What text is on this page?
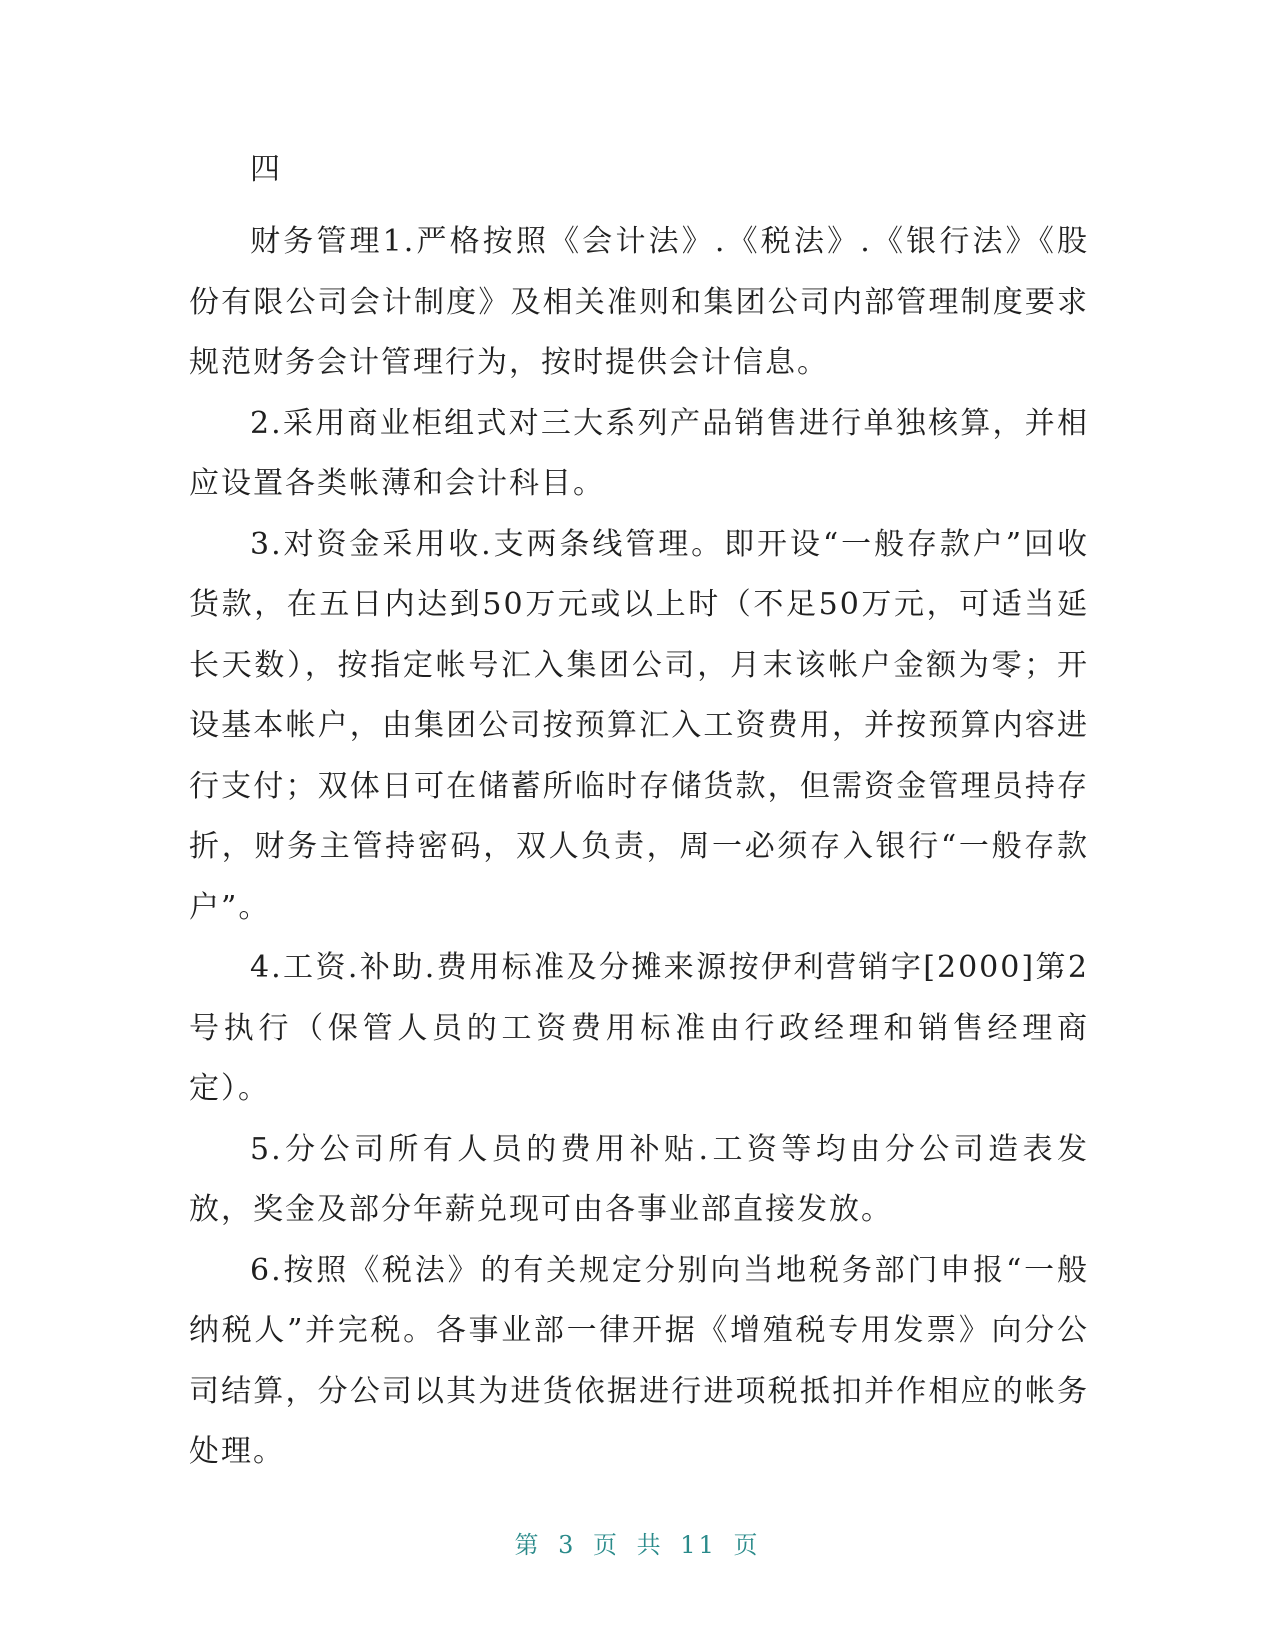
四

财务管理1.严格按照《会计法》.《税法》.《银行法》《股份有限公司会计制度》及相关准则和集团公司内部管理制度要求规范财务会计管理行为，按时提供会计信息。

2.采用商业柜组式对三大系列产品销售进行单独核算，并相应设置各类帐薄和会计科目。

3.对资金采用收.支两条线管理。即开设“一般存款户”回收货款，在五日内达到50万元或以上时（不足50万元，可适当延长天数），按指定帐号汇入集团公司，月末该帐户金额为零；开设基本帐户，由集团公司按预算汇入工资费用，并按预算内容进行支付；双体日可在储蓄所临时存储货款，但需资金管理员持存折，财务主管持密码，双人负责，周一必须存入银行“一般存款户”。

4.工资.补助.费用标准及分摊来源按伊利营销字[2000]第2号执行（保管人员的工资费用标准由行政经理和销售经理商定）。

5.分公司所有人员的费用补贴.工资等均由分公司造表发放，奖金及部分年薪兑现可由各事业部直接发放。

6.按照《税法》的有关规定分别向当地税务部门申报“一般纳税人”并完税。各事业部一律开据《增殖税专用发票》向分公司结算，分公司以其为进货依据进行进项税抵扣并作相应的帐务处理。

第 3 页 共 11 页
